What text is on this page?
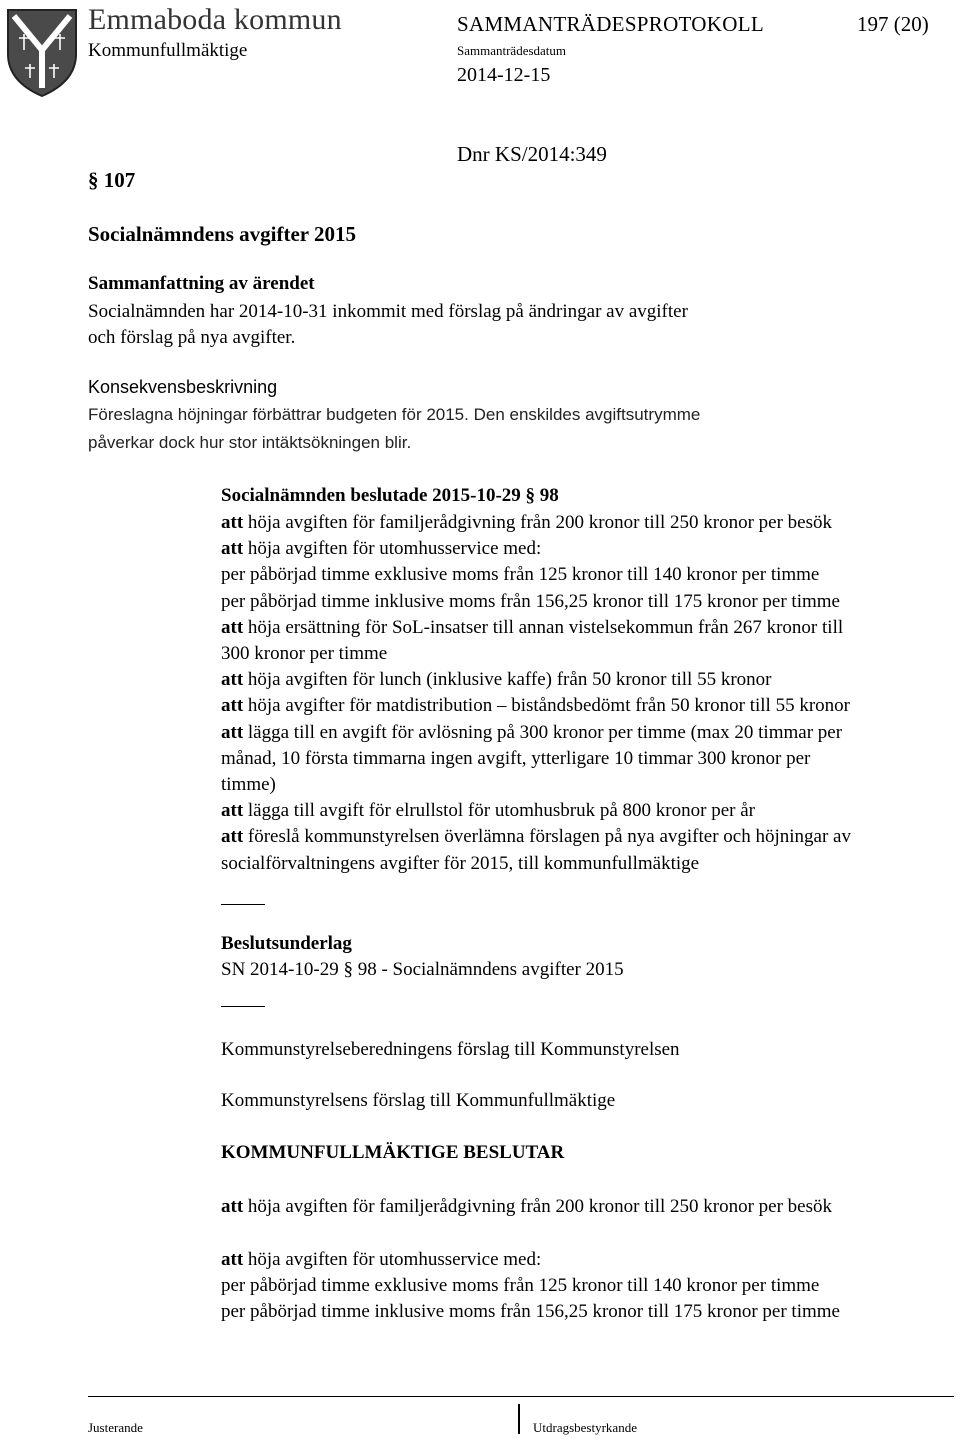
Emmaboda kommun
Kommunfullmäktige
SAMMANTRÄDESPROTOKOLL	197 (20)
Sammanträdesdatum
2014-12-15
Dnr KS/2014:349
§ 107
Socialnämndens avgifter 2015
Sammanfattning av ärendet
Socialnämnden har 2014-10-31 inkommit med förslag på ändringar av avgifter
och förslag på nya avgifter.
Konsekvensbeskrivning
Föreslagna höjningar förbättrar budgeten för 2015. Den enskildes avgiftsutrymme
påverkar dock hur stor intäktsökningen blir.
Socialnämnden beslutade 2015-10-29 § 98
att höja avgiften för familjerådgivning från 200 kronor till 250 kronor per besök
att höja avgiften för utomhusservice med:
per påbörjad timme exklusive moms från 125 kronor till 140 kronor per timme
per påbörjad timme inklusive moms från 156,25 kronor till 175 kronor per timme
att höja ersättning för SoL-insatser till annan vistelsekommun från 267 kronor till
300 kronor per timme
att höja avgiften för lunch (inklusive kaffe) från 50 kronor till 55 kronor
att höja avgifter för matdistribution – biståndsbedömt från 50 kronor till 55 kronor
att lägga till en avgift för avlösning på 300 kronor per timme (max 20 timmar per
månad, 10 första timmarna ingen avgift, ytterligare 10 timmar 300 kronor per
timme)
att lägga till avgift för elrullstol för utomhusbruk på 800 kronor per år
att föreslå kommunstyrelsen överlämna förslagen på nya avgifter och höjningar av
socialförvaltningens avgifter för 2015, till kommunfullmäktige
Beslutsunderlag
SN 2014-10-29 § 98 - Socialnämndens avgifter 2015
Kommunstyrelseberedningens förslag till Kommunstyrelsen
Kommunstyrelsens förslag till Kommunfullmäktige
KOMMUNFULLMÄKTIGE BESLUTAR
att höja avgiften för familjerådgivning från 200 kronor till 250 kronor per besök
att höja avgiften för utomhusservice med:
per påbörjad timme exklusive moms från 125 kronor till 140 kronor per timme
per påbörjad timme inklusive moms från 156,25 kronor till 175 kronor per timme
Justerande	Utdragsbestyrkande
